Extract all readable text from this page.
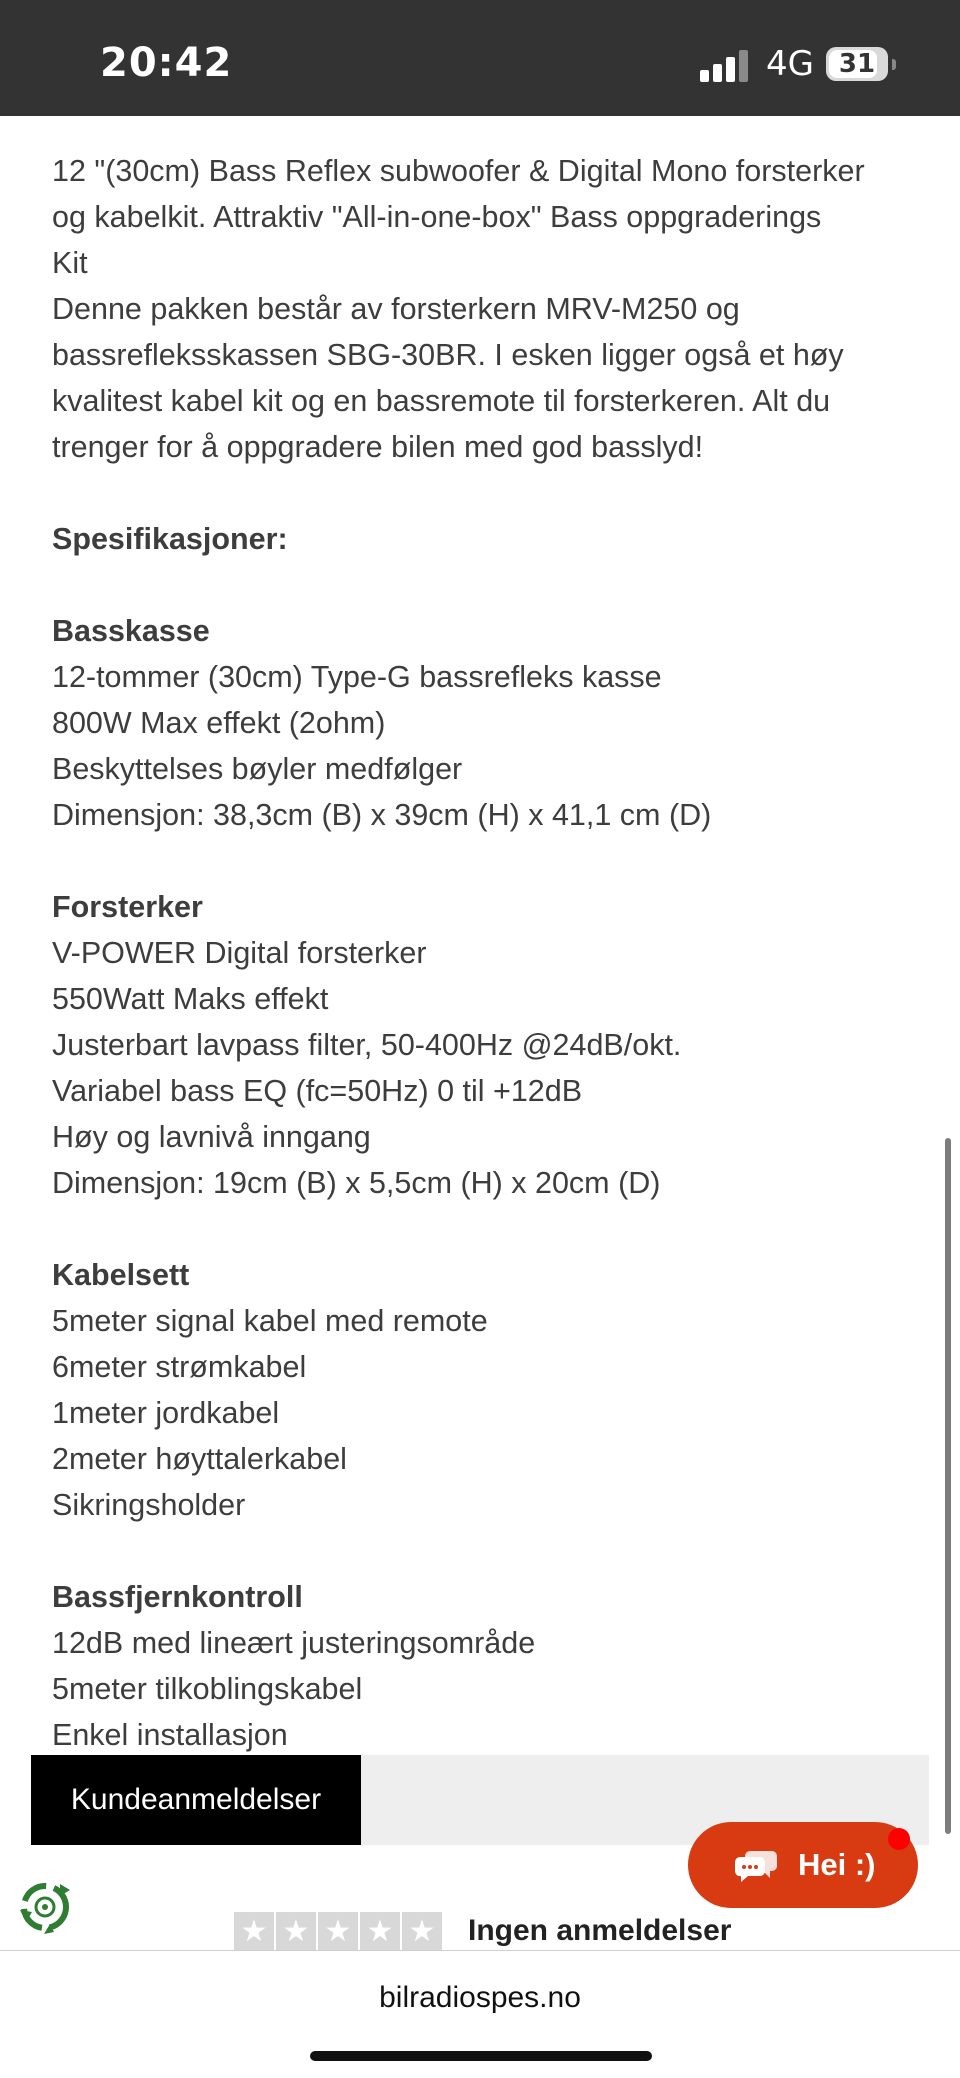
20:42	4G 31
12 "(30cm) Bass Reflex subwoofer & Digital Mono forsterker
og kabelkit. Attraktiv "All-in-one-box" Bass oppgraderings
Kit
Denne pakken består av forsterkern MRV-M250 og
bassrefleksskassen SBG-30BR. I esken ligger også et høy
kvalitest kabel kit og en bassremote til forsterkeren. Alt du
trenger for å oppgradere bilen med god basslyd!
Spesifikasjoner:
Basskasse
12-tommer (30cm) Type-G bassrefleks kasse
800W Max effekt (2ohm)
Beskyttelses bøyler medfølger
Dimensjon: 38,3cm (B) x 39cm (H) x 41,1 cm (D)
Forsterker
V-POWER Digital forsterker
550Watt Maks effekt
Justerbart lavpass filter, 50-400Hz @24dB/okt.
Variabel bass EQ (fc=50Hz) 0 til +12dB
Høy og lavnivå inngang
Dimensjon: 19cm (B) x 5,5cm (H) x 20cm (D)
Kabelsett
5meter signal kabel med remote
6meter strømkabel
1meter jordkabel
2meter høyttalerkabel
Sikringsholder
Bassfjernkontroll
12dB med lineært justeringsområde
5meter tilkoblingskabel
Enkel installasjon
Kundeanmeldelser
★ ★ ★ ★ ★ Ingen anmeldelser
Hei :)
bilradiospes.no
